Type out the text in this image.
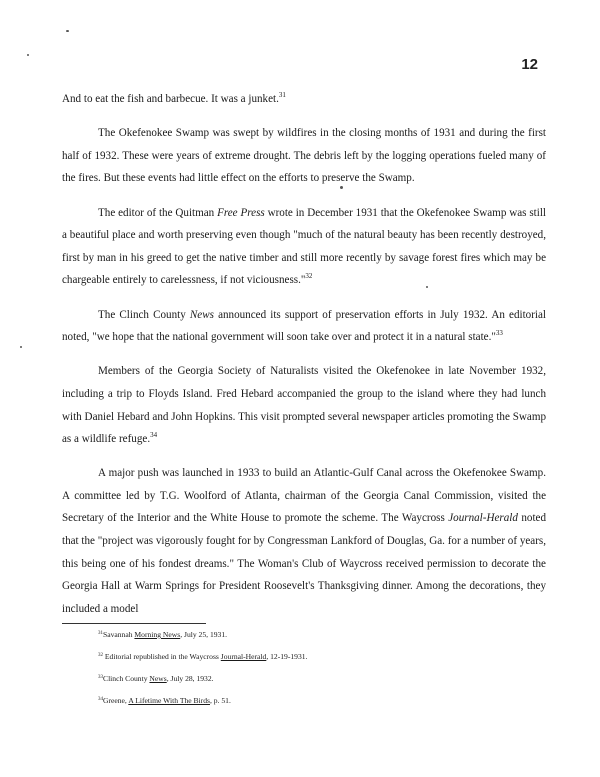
12

And to eat the fish and barbecue. It was a junket.$^{31}$

The Okefenokee Swamp was swept by wildfires in the closing months of 1931 and during the first half of 1932. These were years of extreme drought. The debris left by the logging operations fueled many of the fires. But these events had little effect on the efforts to preserve the Swamp.

The editor of the Quitman Free Press wrote in December 1931 that the Okefenokee Swamp was still a beautiful place and worth preserving even though "much of the natural beauty has been recently destroyed, first by man in his greed to get the native timber and still more recently by savage forest fires which may be chargeable entirely to carelessness, if not viciousness."$^{32}$

The Clinch County News announced its support of preservation efforts in July 1932. An editorial noted, "we hope that the national government will soon take over and protect it in a natural state."$^{33}$

Members of the Georgia Society of Naturalists visited the Okefenokee in late November 1932, including a trip to Floyds Island. Fred Hebard accompanied the group to the island where they had lunch with Daniel Hebard and John Hopkins. This visit prompted several newspaper articles promoting the Swamp as a wildlife refuge.$^{34}$

A major push was launched in 1933 to build an Atlantic-Gulf Canal across the Okefenokee Swamp. A committee led by T.G. Woolford of Atlanta, chairman of the Georgia Canal Commission, visited the Secretary of the Interior and the White House to promote the scheme. The Waycross Journal-Herald noted that the "project was vigorously fought for by Congressman Lankford of Douglas, Ga. for a number of years, this being one of his fondest dreams." The Woman's Club of Waycross received permission to decorate the Georgia Hall at Warm Springs for President Roosevelt's Thanksgiving dinner. Among the decorations, they included a model

$^{31}$Savannah Morning News, July 25, 1931.
$^{32}$ Editorial republished in the Waycross Journal-Herald, 12-19-1931.
$^{33}$Clinch County News, July 28, 1932.
$^{34}$Greene, A Lifetime With The Birds, p. 51.
